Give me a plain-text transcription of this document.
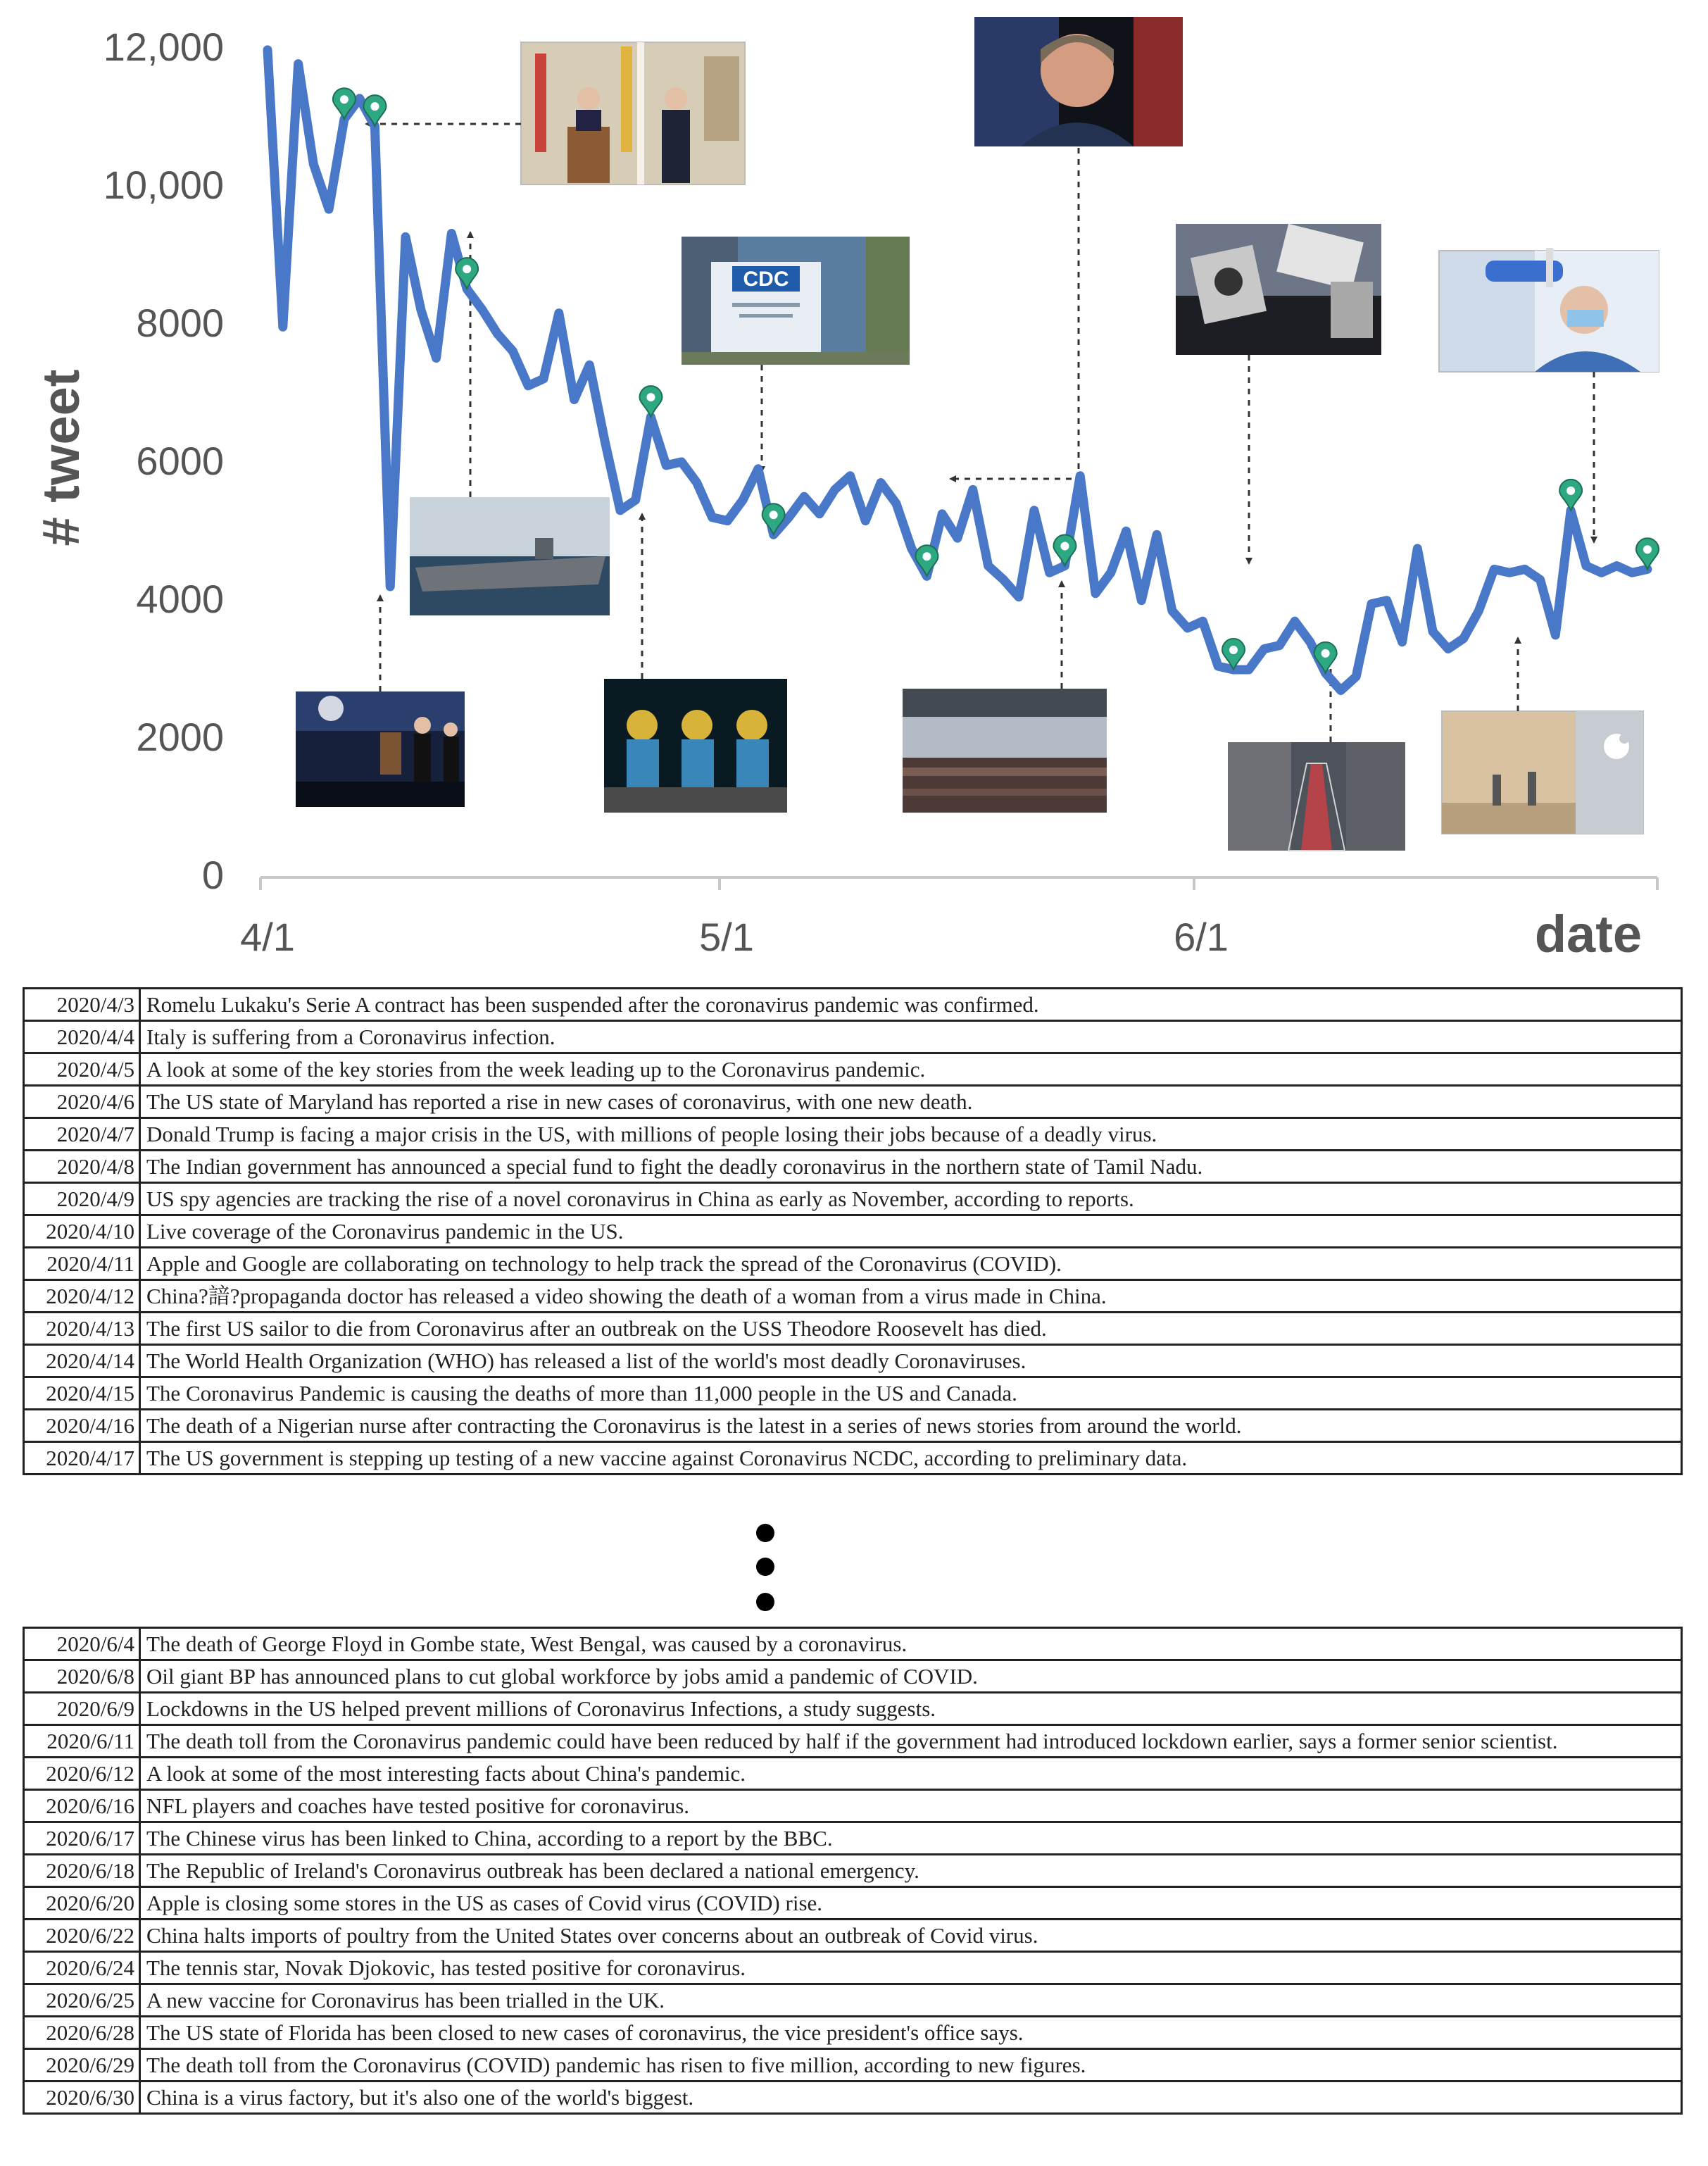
12,000
10,000
8000
6000
4000
2000
0
4/1	5/1	6/1
# tweet
date
CDC
2020/4/3	Romelu Lukaku's Serie A contract has been suspended after the coronavirus pandemic was confirmed.
2020/4/4	Italy is suffering from a Coronavirus infection.
2020/4/5	A look at some of the key stories from the week leading up to the Coronavirus pandemic.
2020/4/6	The US state of Maryland has reported a rise in new cases of coronavirus, with one new death.
2020/4/7	Donald Trump is facing a major crisis in the US, with millions of people losing their jobs because of a deadly virus.
2020/4/8	The Indian government has announced a special fund to fight the deadly coronavirus in the northern state of Tamil Nadu.
2020/4/9	US spy agencies are tracking the rise of a novel coronavirus in China as early as November, according to reports.
2020/4/10	Live coverage of the Coronavirus pandemic in the US.
2020/4/11	Apple and Google are collaborating on technology to help track the spread of the Coronavirus (COVID).
2020/4/12	China?諳?propaganda doctor has released a video showing the death of a woman from a virus made in China.
2020/4/13	The first US sailor to die from Coronavirus after an outbreak on the USS Theodore Roosevelt has died.
2020/4/14	The World Health Organization (WHO) has released a list of the world's most deadly Coronaviruses.
2020/4/15	The Coronavirus Pandemic is causing the deaths of more than 11,000 people in the US and Canada.
2020/4/16	The death of a Nigerian nurse after contracting the Coronavirus is the latest in a series of news stories from around the world.
2020/4/17	The US government is stepping up testing of a new vaccine against Coronavirus NCDC, according to preliminary data.
2020/6/4	The death of George Floyd in Gombe state, West Bengal, was caused by a coronavirus.
2020/6/8	Oil giant BP has announced plans to cut global workforce by jobs amid a pandemic of COVID.
2020/6/9	Lockdowns in the US helped prevent millions of Coronavirus Infections, a study suggests.
2020/6/11	The death toll from the Coronavirus pandemic could have been reduced by half if the government had introduced lockdown earlier, says a former senior scientist.
2020/6/12	A look at some of the most interesting facts about China's pandemic.
2020/6/16	NFL players and coaches have tested positive for coronavirus.
2020/6/17	The Chinese virus has been linked to China, according to a report by the BBC.
2020/6/18	The Republic of Ireland's Coronavirus outbreak has been declared a national emergency.
2020/6/20	Apple is closing some stores in the US as cases of Covid virus (COVID) rise.
2020/6/22	China halts imports of poultry from the United States over concerns about an outbreak of Covid virus.
2020/6/24	The tennis star, Novak Djokovic, has tested positive for coronavirus.
2020/6/25	A new vaccine for Coronavirus has been trialled in the UK.
2020/6/28	The US state of Florida has been closed to new cases of coronavirus, the vice president's office says.
2020/6/29	The death toll from the Coronavirus (COVID) pandemic has risen to five million, according to new figures.
2020/6/30	China is a virus factory, but it's also one of the world's biggest.
